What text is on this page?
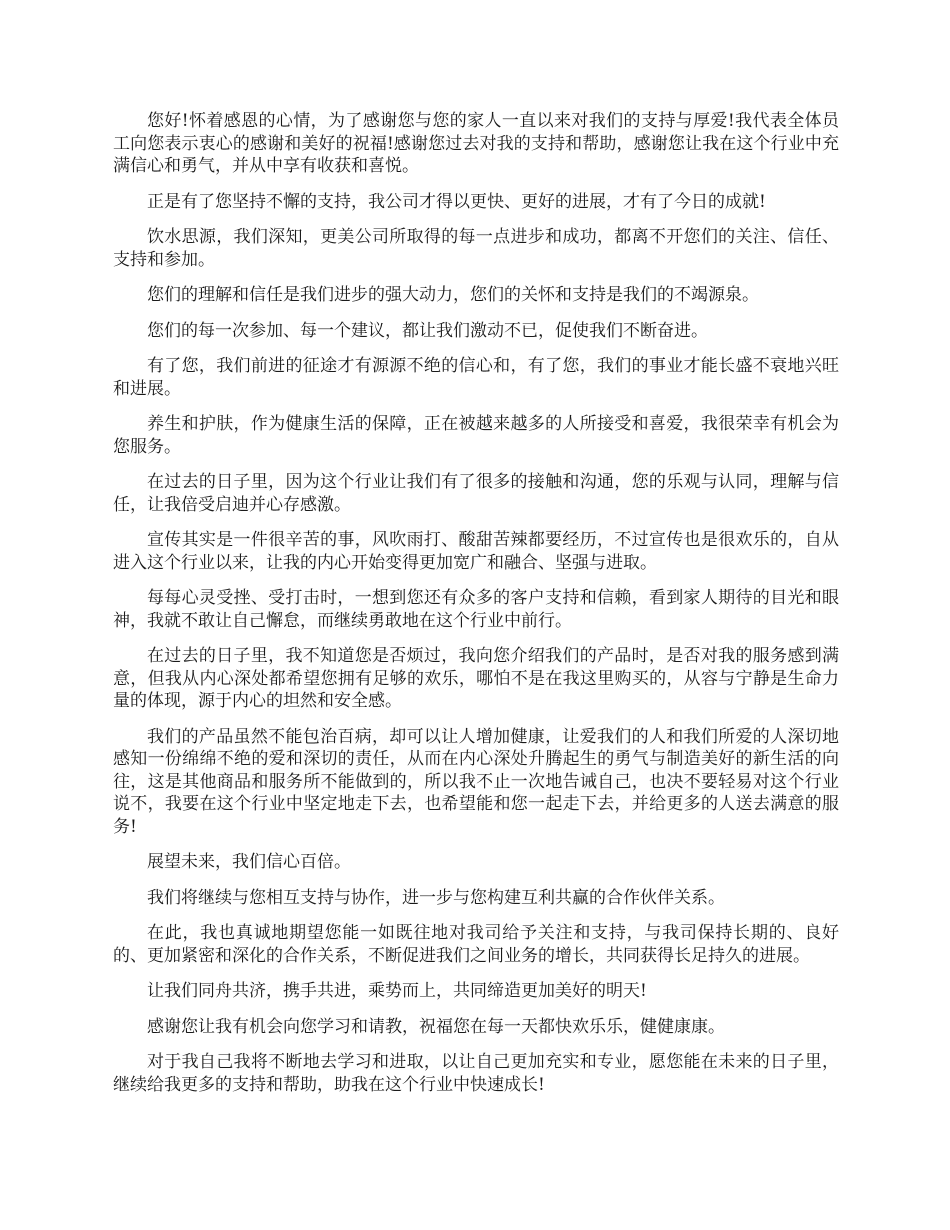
您好!怀着感恩的心情，为了感谢您与您的家人一直以来对我们的支持与厚爱!我代表全体员工向您表示衷心的感谢和美好的祝福!感谢您过去对我的支持和帮助，感谢您让我在这个行业中充满信心和勇气，并从中享有收获和喜悦。

正是有了您坚持不懈的支持，我公司才得以更快、更好的进展，才有了今日的成就!

饮水思源，我们深知，更美公司所取得的每一点进步和成功，都离不开您们的关注、信任、支持和参加。

您们的理解和信任是我们进步的强大动力，您们的关怀和支持是我们的不竭源泉。

您们的每一次参加、每一个建议，都让我们激动不已，促使我们不断奋进。

有了您，我们前进的征途才有源源不绝的信心和，有了您，我们的事业才能长盛不衰地兴旺和进展。

养生和护肤，作为健康生活的保障，正在被越来越多的人所接受和喜爱，我很荣幸有机会为您服务。

在过去的日子里，因为这个行业让我们有了很多的接触和沟通，您的乐观与认同，理解与信任，让我倍受启迪并心存感激。

宣传其实是一件很辛苦的事，风吹雨打、酸甜苦辣都要经历，不过宣传也是很欢乐的，自从进入这个行业以来，让我的内心开始变得更加宽广和融合、坚强与进取。

每每心灵受挫、受打击时，一想到您还有众多的客户支持和信赖，看到家人期待的目光和眼神，我就不敢让自己懈怠，而继续勇敢地在这个行业中前行。

在过去的日子里，我不知道您是否烦过，我向您介绍我们的产品时，是否对我的服务感到满意，但我从内心深处都希望您拥有足够的欢乐，哪怕不是在我这里购买的，从容与宁静是生命力量的体现，源于内心的坦然和安全感。

我们的产品虽然不能包治百病，却可以让人增加健康，让爱我们的人和我们所爱的人深切地感知一份绵绵不绝的爱和深切的责任，从而在内心深处升腾起生的勇气与制造美好的新生活的向往，这是其他商品和服务所不能做到的，所以我不止一次地告诫自己，也决不要轻易对这个行业说不，我要在这个行业中坚定地走下去，也希望能和您一起走下去，并给更多的人送去满意的服务!

展望未来，我们信心百倍。

我们将继续与您相互支持与协作，进一步与您构建互利共赢的合作伙伴关系。

在此，我也真诚地期望您能一如既往地对我司给予关注和支持，与我司保持长期的、良好的、更加紧密和深化的合作关系，不断促进我们之间业务的增长，共同获得长足持久的进展。

让我们同舟共济，携手共进，乘势而上，共同缔造更加美好的明天!

感谢您让我有机会向您学习和请教，祝福您在每一天都快欢乐乐，健健康康。

对于我自己我将不断地去学习和进取，以让自己更加充实和专业，愿您能在未来的日子里，继续给我更多的支持和帮助，助我在这个行业中快速成长!
